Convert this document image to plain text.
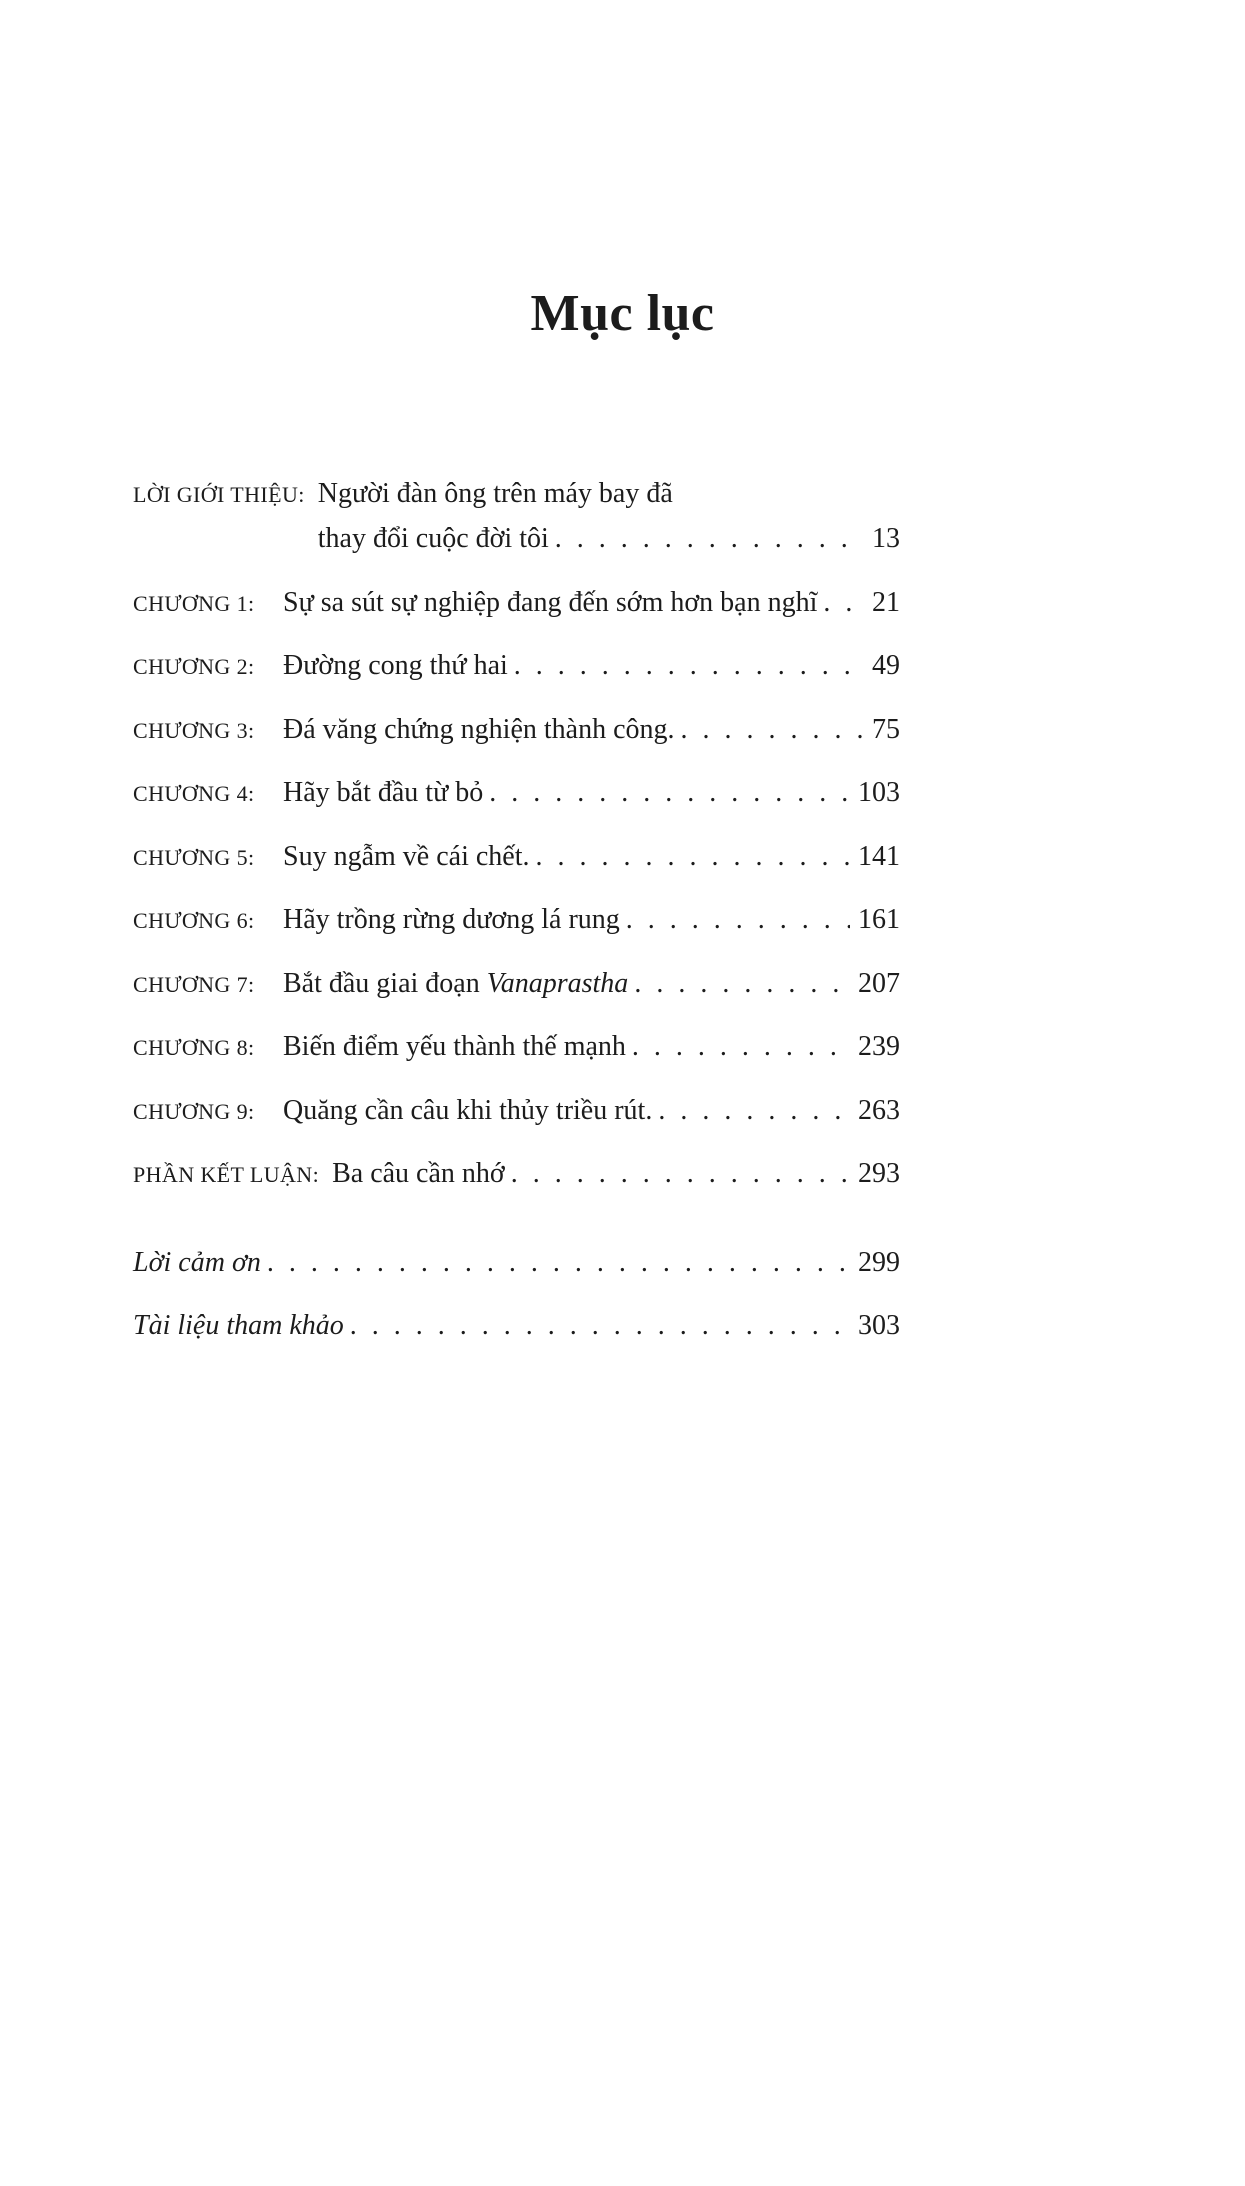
Mục lục
LỜI GIỚI THIỆU: Người đàn ông trên máy bay đã
thay đổi cuộc đời tôi . . .	13
CHƯƠNG 1:	Sự sa sút sự nghiệp đang đến sớm hơn bạn nghĩ . . . 21
CHƯƠNG 2:	Đường cong thứ hai . . .	49
CHƯƠNG 3:	Đá văng chứng nghiện thành công. . . .	75
CHƯƠNG 4:	Hãy bắt đầu từ bỏ . . .	103
CHƯƠNG 5:	Suy ngẫm về cái chết. . . .	141
CHƯƠNG 6:	Hãy trồng rừng dương lá rung . . .	161
CHƯƠNG 7:	Bắt đầu giai đoạn Vanaprastha . . .	207
CHƯƠNG 8:	Biến điểm yếu thành thế mạnh . . .	239
CHƯƠNG 9:	Quăng cần câu khi thủy triều rút. . . .	263
PHẦN KẾT LUẬN: Ba câu cần nhớ . . .	293
Lời cảm ơn . . .	299
Tài liệu tham khảo . . .	303
